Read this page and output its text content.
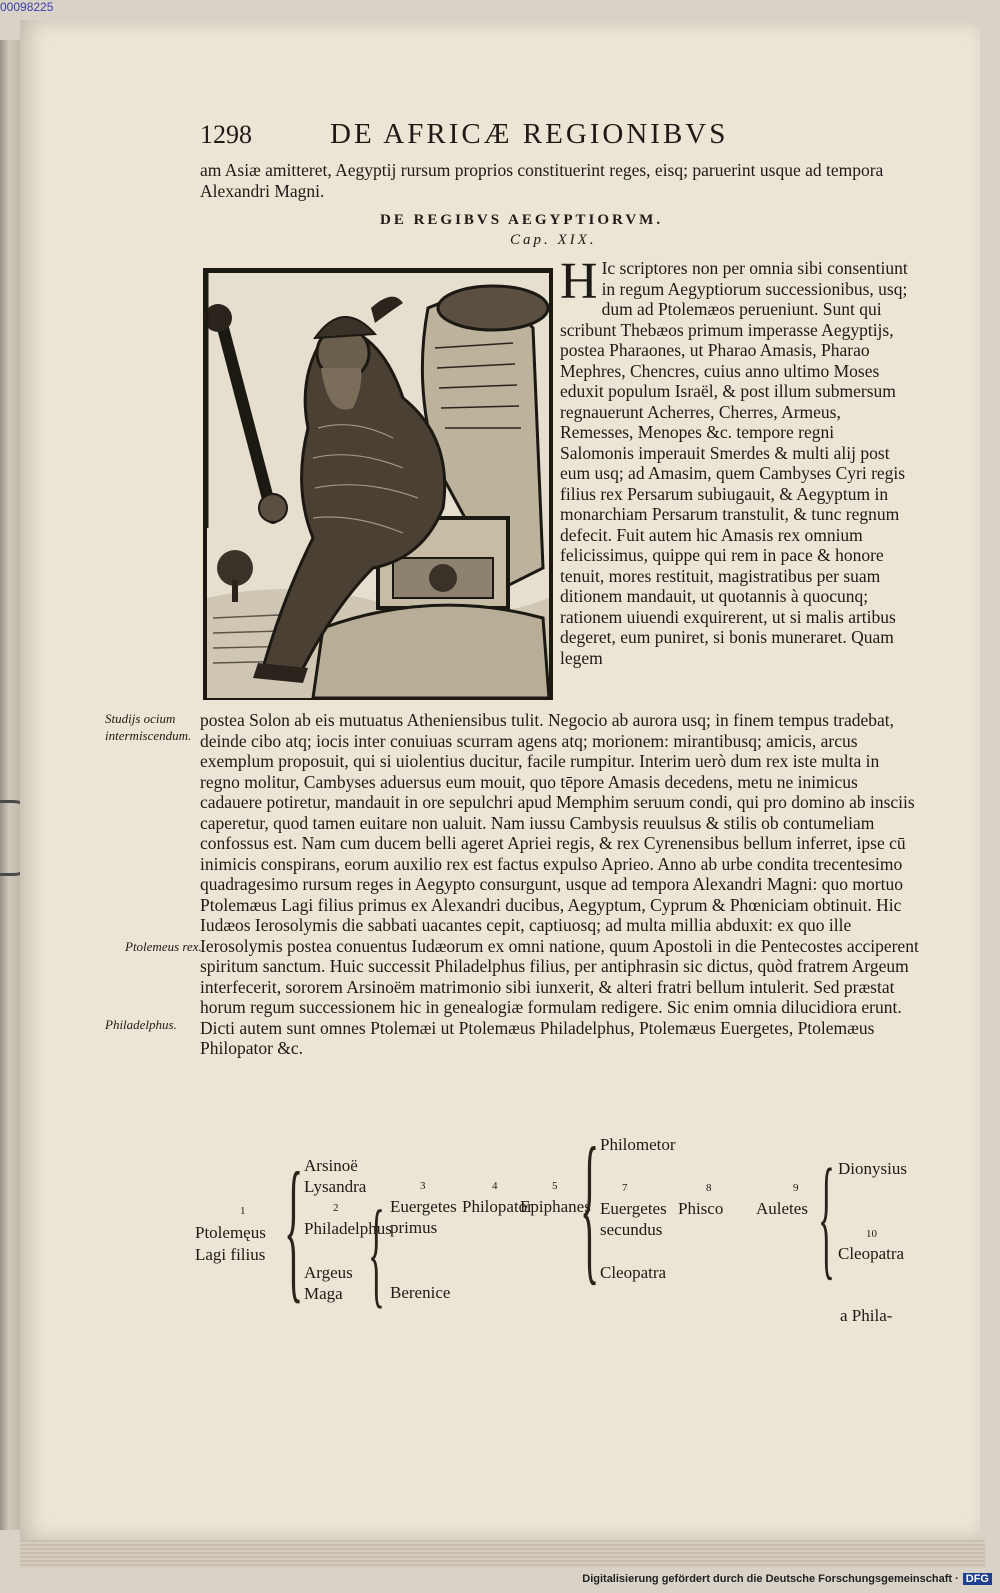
00098225
1298	DE AFRICÆ REGIONIBVS
am Asiæ amitteret, Aegyptij rursum proprios constituerint reges, eisq; paruerint usque ad tempora Alexandri Magni.
DE REGIBVS AEGYPTIORVM.
Cap. XIX.
H Ic scriptores non per omnia sibi consentiunt in regum Aegyptiorum successionibus, usq; dum ad Ptolemæos perueniunt. Sunt qui scribunt Thebæos primum imperasse Aegyptijs, postea Pharaones, ut Pharao Amasis, Pharao Mephres, Chencres, cuius anno ultimo Moses eduxit populum Israël, & post illum submersum regnauerunt Acherres, Cherres, Armeus, Remesses, Menopes &c. tempore regni Salomonis imperauit Smerdes & multi alij post eum usq; ad Amasim, quem Cambyses Cyri regis filius rex Persarum subiugauit, & Aegyptum in monarchiam Persarum transtulit, & tunc regnum defecit. Fuit autem hic Amasis rex omnium felicissimus, quippe qui rem in pace & honore tenuit, mores restituit, magistratibus per suam ditionem mandauit, ut quotannis à quocunq; rationem uiuendi exquirerent, ut si malis artibus degeret, eum puniret, si bonis muneraret. Quam legem
postea Solon ab eis mutuatus Atheniensibus tulit. Negocio ab aurora usq; in finem tempus tradebat, deinde cibo atq; iocis inter conuiuas scurram agens atq; morionem: mirantibusq; amicis, arcus exemplum proposuit, qui si uiolentius ducitur, facile rumpitur. Interim uerò dum rex iste multa in regno molitur, Cambyses aduersus eum mouit, quo tēpore Amasis decedens, metu ne inimicus cadauere potiretur, mandauit in ore sepulchri apud Memphim seruum condi, qui pro domino ab insciis caperetur, quod tamen euitare non ualuit. Nam iussu Cambysis reuulsus & stilis ob contumeliam confossus est. Nam cum ducem belli ageret Apriei regis, & rex Cyrenensibus bellum inferret, ipse cū inimicis conspirans, eorum auxilio rex est factus expulso Aprieo. Anno ab urbe condita trecentesimo quadragesimo rursum reges in Aegypto consurgunt, usque ad tempora Alexandri Magni: quo mortuo Ptolemæus Lagi filius primus ex Alexandri ducibus, Aegyptum, Cyprum & Phœniciam obtinuit. Hic Iudæos Ierosolymis die sabbati uacantes cepit, captiuosq; ad multa millia abduxit: ex quo ille Ierosolymis postea conuentus Iudæorum ex omni natione, quum Apostoli in die Pentecostes acciperent spiritum sanctum. Huic successit Philadelphus filius, per antiphrasin sic dictus, quòd fratrem Argeum interfecerit, sororem Arsinoëm matrimonio sibi iunxerit, & alteri fratri bellum intulerit. Sed præstat horum regum successionem hic in genealogiæ formulam redigere. Sic enim omnia dilucidiora erunt. Dicti autem sunt omnes Ptolemæi ut Ptolemæus Philadelphus, Ptolemæus Euergetes, Ptolemæus Philopator &c.
Studijs ocium intermiscendum.
Ptolemeus rex.
Philadelphus.
1
Ptolemęus Lagi filius { Arsinoë Lysandra
2
Philadelphus
Argeus Maga {	3
Euergetes primus
Berenice
4
Philopator
5
Epiphanes
{ Philometor
7
Euergetes secundus
Cleopatra
8
Phisco
9
Auletes { Dionysius
10
Cleopatra
a Phila-
Digitalisierung gefördert durch die Deutsche Forschungsgemeinschaft · DFG
